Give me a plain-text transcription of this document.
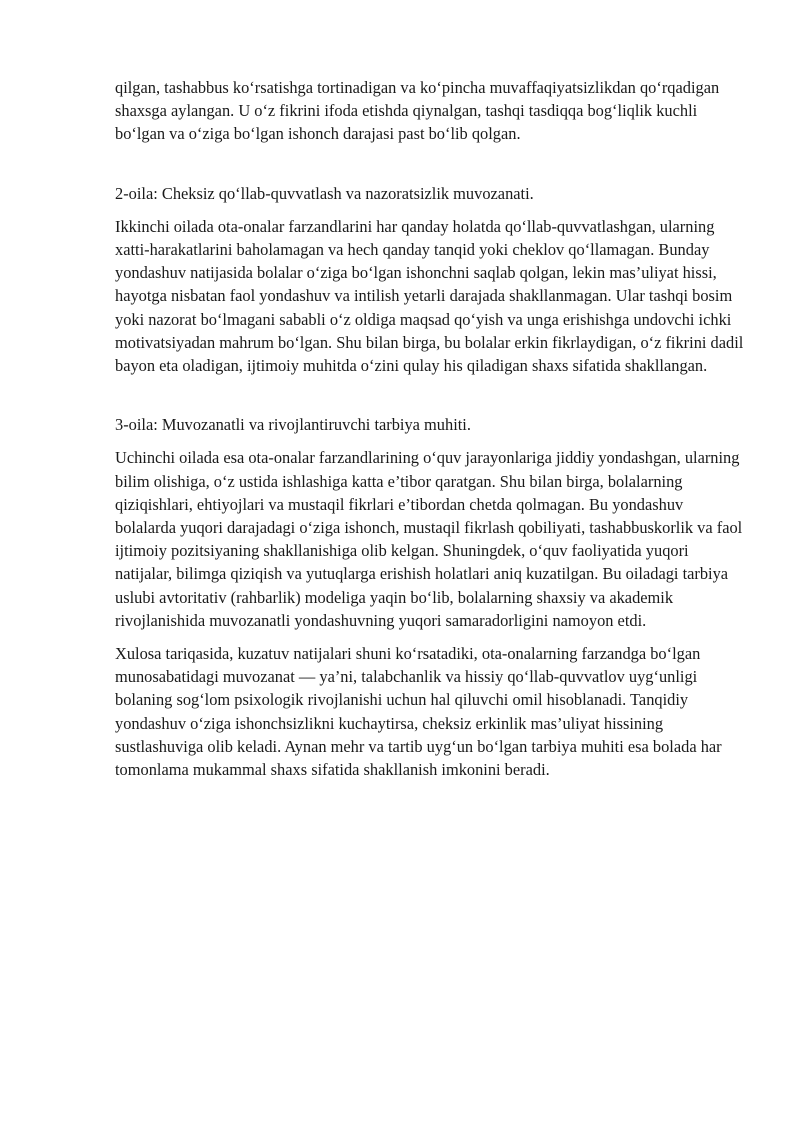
qilgan, tashabbus ko‘rsatishga tortinadigan va ko‘pincha muvaffaqiyatsizlikdan qo‘rqadigan shaxsga aylangan. U o‘z fikrini ifoda etishda qiynalgan, tashqi tasdiqqa bog‘liqlik kuchli bo‘lgan va o‘ziga bo‘lgan ishonch darajasi past bo‘lib qolgan.

2-oila: Cheksiz qo‘llab-quvvatlash va nazoratsizlik muvozanati.

Ikkinchi oilada ota-onalar farzandlarini har qanday holatda qo‘llab-quvvatlashgan, ularning xatti-harakatlarini baholamagan va hech qanday tanqid yoki cheklov qo‘llamagan. Bunday yondashuv natijasida bolalar o‘ziga bo‘lgan ishonchni saqlab qolgan, lekin mas’uliyat hissi, hayotga nisbatan faol yondashuv va intilish yetarli darajada shakllanmagan. Ular tashqi bosim yoki nazorat bo‘lmagani sababli o‘z oldiga maqsad qo‘yish va unga erishishga undovchi ichki motivatsiyadan mahrum bo‘lgan. Shu bilan birga, bu bolalar erkin fikrlaydigan, o‘z fikrini dadil bayon eta oladigan, ijtimoiy muhitda o‘zini qulay his qiladigan shaxs sifatida shakllangan.

3-oila: Muvozanatli va rivojlantiruvchi tarbiya muhiti.

Uchinchi oilada esa ota-onalar farzandlarining o‘quv jarayonlariga jiddiy yondashgan, ularning bilim olishiga, o‘z ustida ishlashiga katta e’tibor qaratgan. Shu bilan birga, bolalarning qiziqishlari, ehtiyojlari va mustaqil fikrlari e’tibordan chetda qolmagan. Bu yondashuv bolalarda yuqori darajadagi o‘ziga ishonch, mustaqil fikrlash qobiliyati, tashabbuskorlik va faol ijtimoiy pozitsiyaning shakllanishiga olib kelgan. Shuningdek, o‘quv faoliyatida yuqori natijalar, bilimga qiziqish va yutuqlarga erishish holatlari aniq kuzatilgan. Bu oiladagi tarbiya uslubi avtoritativ (rahbarlik) modeliga yaqin bo‘lib, bolalarning shaxsiy va akademik rivojlanishida muvozanatli yondashuvning yuqori samaradorligini namoyon etdi.

Xulosa tariqasida, kuzatuv natijalari shuni ko‘rsatadiki, ota-onalarning farzandga bo‘lgan munosabatidagi muvozanat — ya’ni, talabchanlik va hissiy qo‘llab-quvvatlov uyg‘unligi bolaning sog‘lom psixologik rivojlanishi uchun hal qiluvchi omil hisoblanadi. Tanqidiy yondashuv o‘ziga ishonchsizlikni kuchaytirsa, cheksiz erkinlik mas’uliyat hissining sustlashuviga olib keladi. Aynan mehr va tartib uyg‘un bo‘lgan tarbiya muhiti esa bolada har tomonlama mukammal shaxs sifatida shakllanish imkonini beradi.
